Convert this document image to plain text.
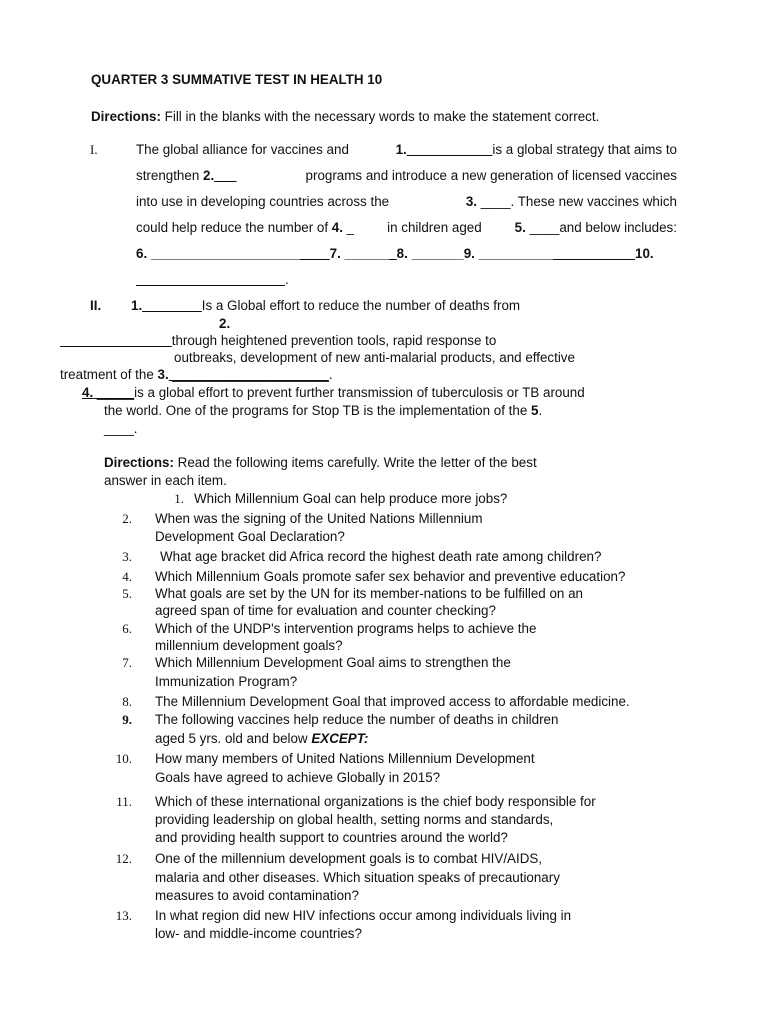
QUARTER 3 SUMMATIVE TEST IN HEALTH 10
Directions: Fill in the blanks with the necessary words to make the statement correct.
I.	The global alliance for vaccines and	1. ___________is a global strategy that aims to
strengthen 2.___	programs and introduce a new generation of licensed vaccines
into use in developing countries across the	3. ____. These new vaccines which
could help reduce the number of 4. _ in children aged 5. ____and below includes:
6. ________________________7. _______8. _______9. _____________________10.
____________________.
II. 1.________Is a Global effort to reduce the number of deaths from
2.
_______________through heightened prevention tools, rapid response to
outbreaks, development of new anti-malarial products, and effective
treatment of the 3. _____________________.
4. _____is a global effort to prevent further transmission of tuberculosis or TB around
the world. One of the programs for Stop TB is the implementation of the 5.
____.
Directions: Read the following items carefully. Write the letter of the best
answer in each item.
1. Which Millennium Goal can help produce more jobs?
2. When was the signing of the United Nations Millennium
Development Goal Declaration?
3. What age bracket did Africa record the highest death rate among children?
4. Which Millennium Goals promote safer sex behavior and preventive education?
5. What goals are set by the UN for its member-nations to be fulfilled on an
agreed span of time for evaluation and counter checking?
6. Which of the UNDP's intervention programs helps to achieve the
millennium development goals?
7. Which Millennium Development Goal aims to strengthen the
Immunization Program?
8. The Millennium Development Goal that improved access to affordable medicine.
9. The following vaccines help reduce the number of deaths in children
aged 5 yrs. old and below EXCEPT:
10. How many members of United Nations Millennium Development
Goals have agreed to achieve Globally in 2015?
11. Which of these international organizations is the chief body responsible for
providing leadership on global health, setting norms and standards,
and providing health support to countries around the world?
12. One of the millennium development goals is to combat HIV/AIDS,
malaria and other diseases. Which situation speaks of precautionary
measures to avoid contamination?
13. In what region did new HIV infections occur among individuals living in
low- and middle-income countries?
